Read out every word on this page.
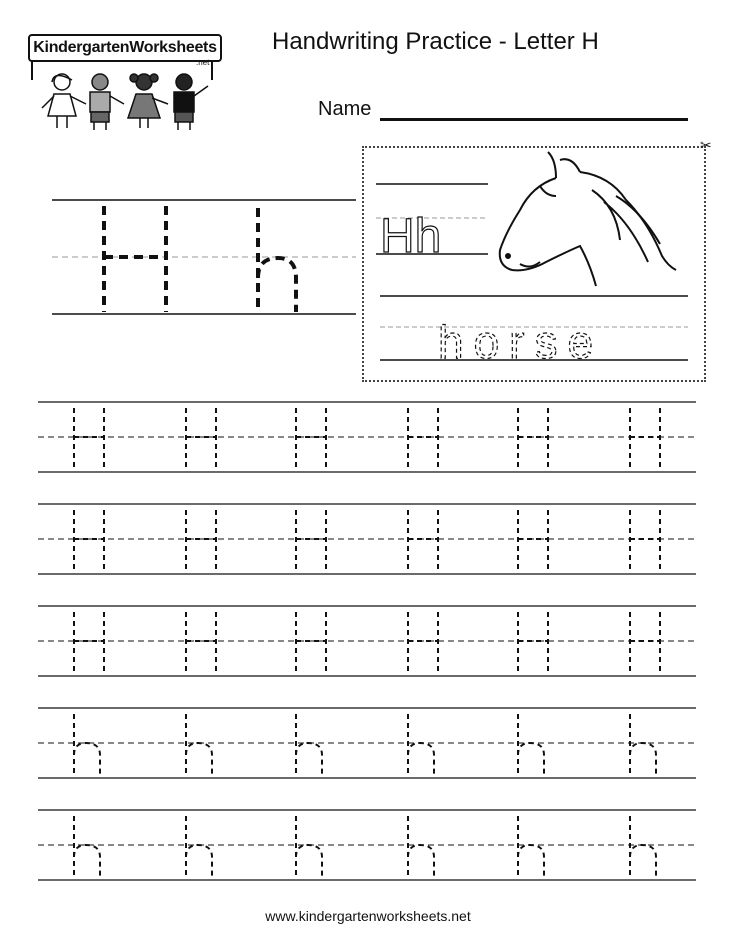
KindergartenWorksheets
.net
Handwriting Practice - Letter H
Name
✂
Hh
horse
www.kindergartenworksheets.net
